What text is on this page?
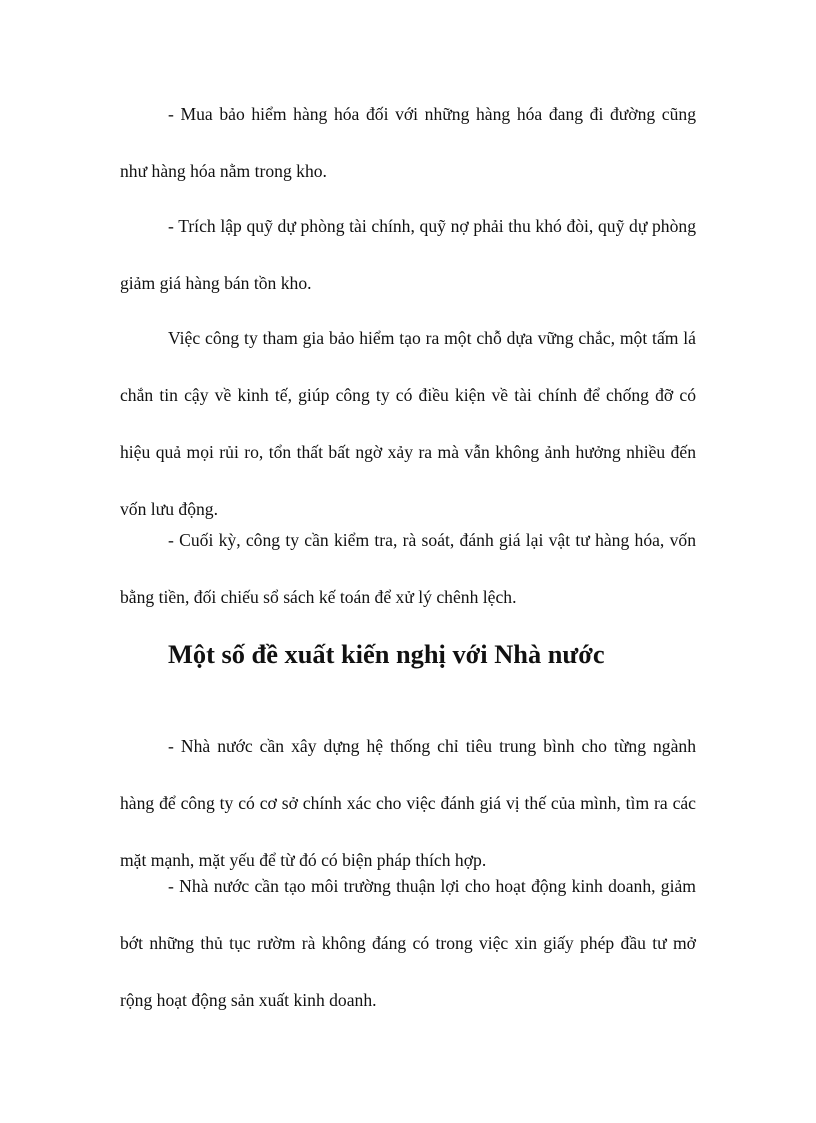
- Mua bảo hiểm hàng hóa đối với những hàng hóa đang đi đường cũng như hàng hóa nằm trong kho.

- Trích lập quỹ dự phòng tài chính, quỹ nợ phải thu khó đòi, quỹ dự phòng giảm giá hàng bán tồn kho.

Việc công ty tham gia bảo hiểm tạo ra một chỗ dựa vững chắc, một tấm lá chắn tin cậy về kinh tế, giúp công ty có điều kiện về tài chính để chống đỡ có hiệu quả mọi rủi ro, tổn thất bất ngờ xảy ra mà vẫn không ảnh hưởng nhiều đến vốn lưu động.

- Cuối kỳ, công ty cần kiểm tra, rà soát, đánh giá lại vật tư hàng hóa, vốn bằng tiền, đối chiếu sổ sách kế toán để xử lý chênh lệch.

Một số đề xuất kiến nghị với Nhà nước

- Nhà nước cần xây dựng hệ thống chỉ tiêu trung bình cho từng ngành hàng để công ty có cơ sở chính xác cho việc đánh giá vị thế của mình, tìm ra các mặt mạnh, mặt yếu để từ đó có biện pháp thích hợp.

- Nhà nước cần tạo môi trường thuận lợi cho hoạt động kinh doanh, giảm bớt những thủ tục rườm rà không đáng có trong việc xin giấy phép đầu tư mở rộng hoạt động sản xuất kinh doanh.
